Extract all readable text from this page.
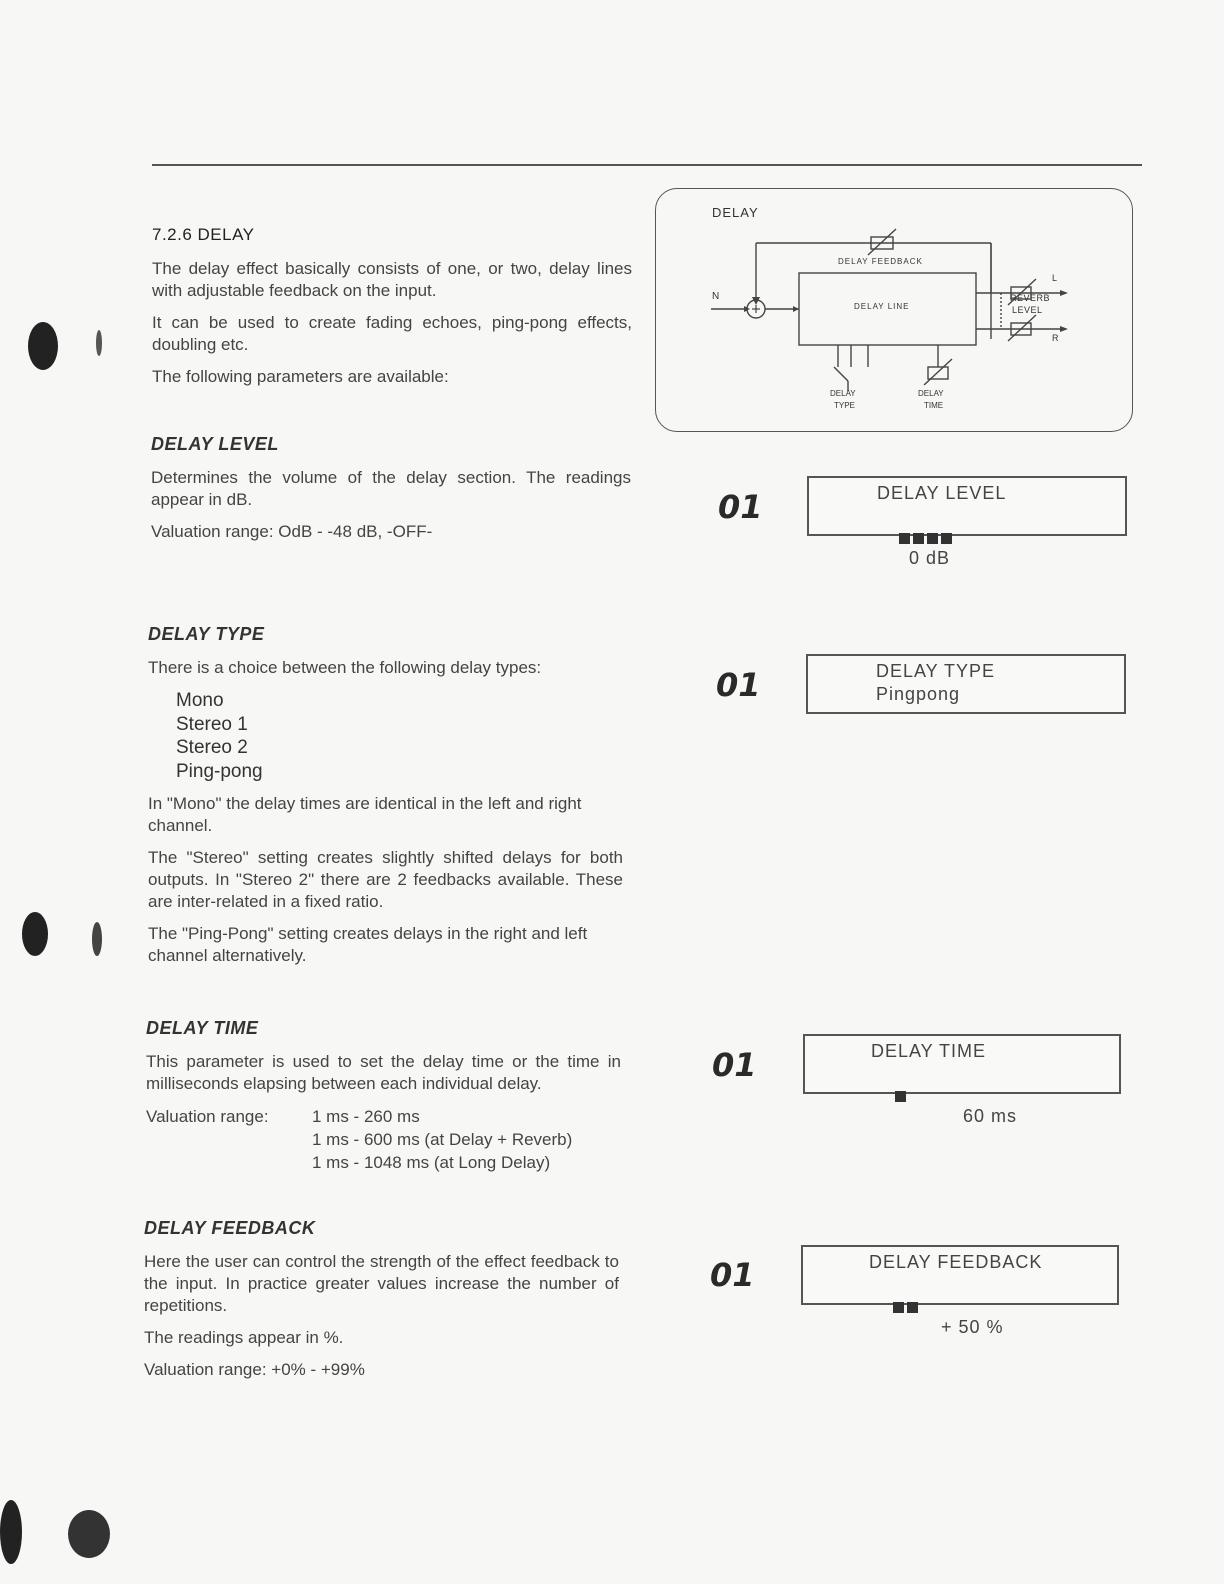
7.2.6 DELAY

The delay effect basically consists of one, or two, delay lines with adjustable feedback on the input.

It can be used to create fading echoes, ping-pong effects, doubling etc.

The following parameters are available:

DELAY
DELAY FEEDBACK
DELAY LINE
N	REVERB
LEVEL
L
R
DELAY
TYPE
DELAY
TIME
DELAY LEVEL

Determines the volume of the delay section. The readings appear in dB.

Valuation range: OdB - -48 dB, -OFF-

01	DELAY LEVEL

0 dB

DELAY TYPE

There is a choice between the following delay types:

Mono
Stereo 1
Stereo 2
Ping-pong

In "Mono" the delay times are identical in the left and right channel.

The "Stereo" setting creates slightly shifted delays for both outputs. In "Stereo 2" there are 2 feedbacks available. These are inter-related in a fixed ratio.

The "Ping-Pong" setting creates delays in the right and left channel alternatively.

01	DELAY TYPE
Pingpong
DELAY TIME

This parameter is used to set the delay time or the time in milliseconds elapsing between each individual delay.

Valuation range:	1 ms - 260 ms
1 ms - 600 ms (at Delay + Reverb)
1 ms - 1048 ms (at Long Delay)
01	DELAY TIME

60 ms

DELAY FEEDBACK

Here the user can control the strength of the effect feedback to the input. In practice greater values increase the number of repetitions.

The readings appear in %.

Valuation range: +0% - +99%

01	DELAY FEEDBACK

+ 50 %
